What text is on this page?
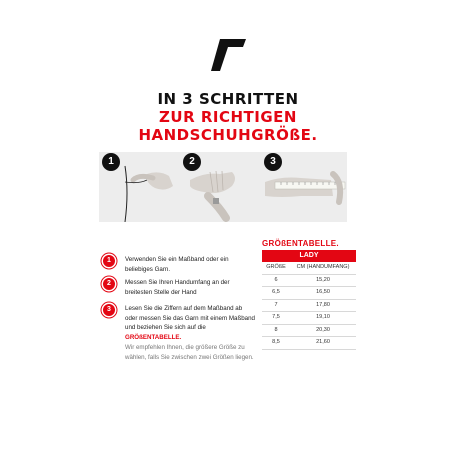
IN 3 SCHRITTEN
ZUR RICHTIGEN
HANDSCHUHGRÖßE.
1	2	3
1	Verwenden Sie ein Maßband oder ein beliebiges Garn.
2	Messen Sie Ihren Handumfang an der breitesten Stelle der Hand
3	Lesen Sie die Ziffern auf dem Maßband ab oder messen Sie das Garn mit einem Maßband und beziehen Sie sich auf die GRÖßENTABELLE.
Wir empfehlen Ihnen, die größere Größe zu wählen, falls Sie zwischen zwei Größen liegen.
GRÖßENTABELLE.
LADY
GRÖßE	CM (HANDUMFANG)
6	15,20
6,5	16,50
7	17,80
7,5	19,10
8	20,30
8,5	21,60
